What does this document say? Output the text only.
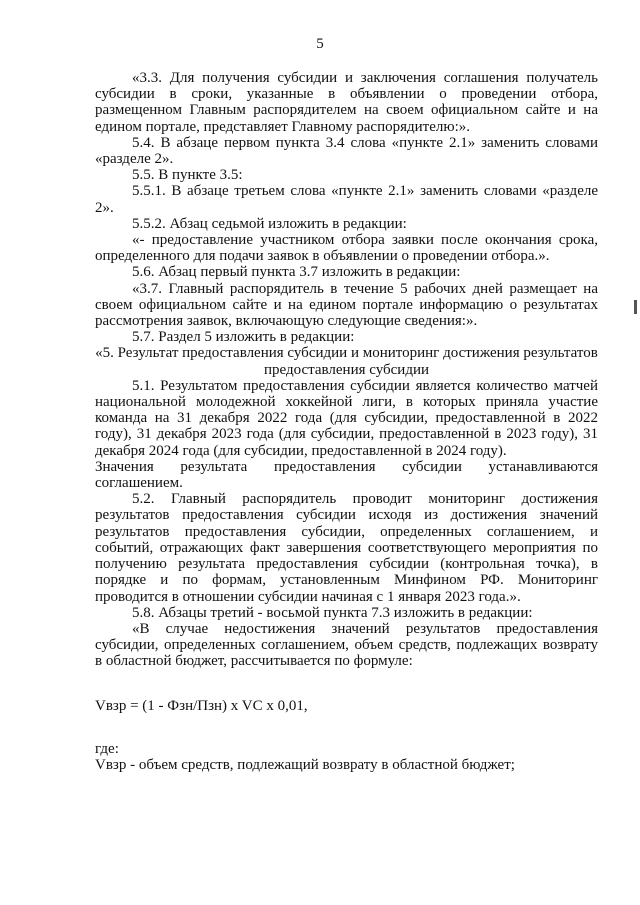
5

«3.3. Для получения субсидии и заключения соглашения получатель субсидии в сроки, указанные в объявлении о проведении отбора, размещенном Главным распорядителем на своем официальном сайте и на едином портале, представляет Главному распорядителю:».

5.4. В абзаце первом пункта 3.4 слова «пункте 2.1» заменить словами «разделе 2».

5.5. В пункте 3.5:

5.5.1. В абзаце третьем слова «пункте 2.1» заменить словами «разделе 2».

5.5.2. Абзац седьмой изложить в редакции:

«- предоставление участником отбора заявки после окончания срока, определенного для подачи заявок в объявлении о проведении отбора.».

5.6. Абзац первый пункта 3.7 изложить в редакции:

«3.7. Главный распорядитель в течение 5 рабочих дней размещает на своем официальном сайте и на едином портале информацию о результатах рассмотрения заявок, включающую следующие сведения:».

5.7. Раздел 5 изложить в редакции:

«5. Результат предоставления субсидии и мониторинг достижения результатов предоставления субсидии

5.1. Результатом предоставления субсидии является количество матчей национальной молодежной хоккейной лиги, в которых приняла участие команда на 31 декабря 2022 года (для субсидии, предоставленной в 2022 году), 31 декабря 2023 года (для субсидии, предоставленной в 2023 году), 31 декабря 2024 года (для субсидии, предоставленной в 2024 году).

Значения результата предоставления субсидии устанавливаются соглашением.

5.2. Главный распорядитель проводит мониторинг достижения результатов предоставления субсидии исходя из достижения значений результатов предоставления субсидии, определенных соглашением, и событий, отражающих факт завершения соответствующего мероприятия по получению результата предоставления субсидии (контрольная точка), в порядке и по формам, установленным Минфином РФ. Мониторинг проводится в отношении субсидии начиная с 1 января 2023 года.».

5.8. Абзацы третий - восьмой пункта 7.3 изложить в редакции:

«В случае недостижения значений результатов предоставления субсидии, определенных соглашением, объем средств, подлежащих возврату в областной бюджет, рассчитывается по формуле:

Vвзр = (1 - Фзн/Пзн) x VC x 0,01,

где:

Vвзр - объем средств, подлежащий возврату в областной бюджет;
